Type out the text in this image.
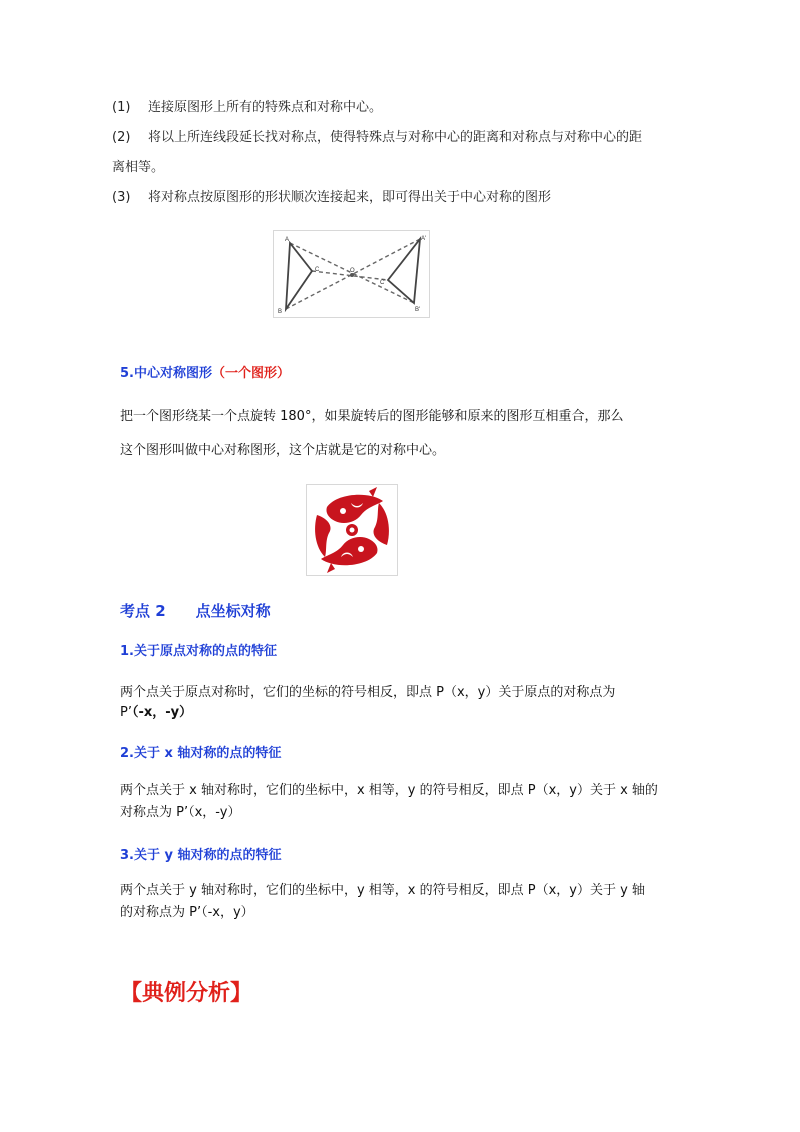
(1) 连接原图形上所有的特殊点和对称中心。
(2) 将以上所连线段延长找对称点，使得特殊点与对称中心的距离和对称点与对称中心的距
离相等。
(3) 将对称点按原图形的形状顺次连接起来，即可得出关于中心对称的图形
A
B
C	O
A'
B'
C'
5.中心对称图形（一个图形）
把一个图形绕某一个点旋转 180°，如果旋转后的图形能够和原来的图形互相重合，那么
这个图形叫做中心对称图形，这个店就是它的对称中心。
考点 2 点坐标对称
1.关于原点对称的点的特征
两个点关于原点对称时，它们的坐标的符号相反，即点 P（x，y）关于原点的对称点为
P’（-x，-y）
2.关于 x 轴对称的点的特征
两个点关于 x 轴对称时，它们的坐标中，x 相等，y 的符号相反，即点 P（x，y）关于 x 轴的
对称点为 P’（x，-y）
3.关于 y 轴对称的点的特征
两个点关于 y 轴对称时，它们的坐标中，y 相等，x 的符号相反，即点 P（x，y）关于 y 轴
的对称点为 P’（-x，y）
【典例分析】
